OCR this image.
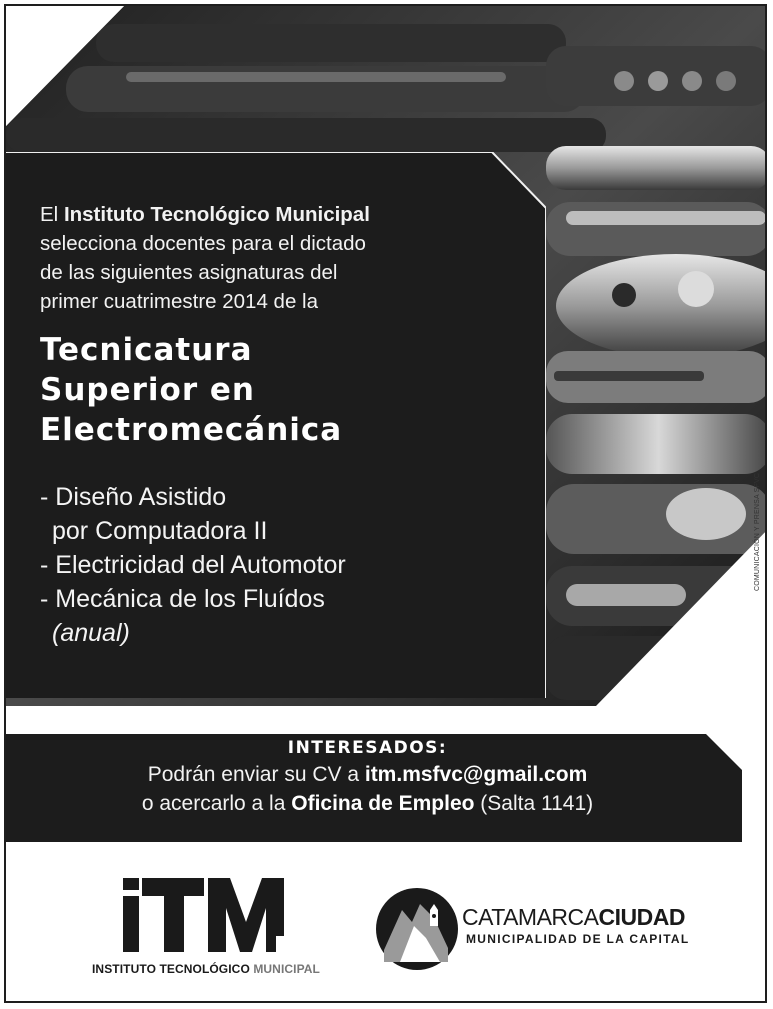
COMUNICACIÓN Y PRENSA SFVC
INSTITUTO TECNOLÓGICO MUNICIPAL
CATAMARCACIUDAD
MUNICIPALIDAD DE LA CAPITAL
El Instituto Tecnológico Municipal
selecciona docentes para el dictado
de las siguientes asignaturas del
primer cuatrimestre 2014 de la
Tecnicatura
Superior en
Electromecánica
- Diseño Asistido
por Computadora II
- Electricidad del Automotor
- Mecánica de los Fluídos
(anual)
INTERESADOS:
Podrán enviar su CV a itm.msfvc@gmail.com
o acercarlo a la Oficina de Empleo (Salta 1141)
